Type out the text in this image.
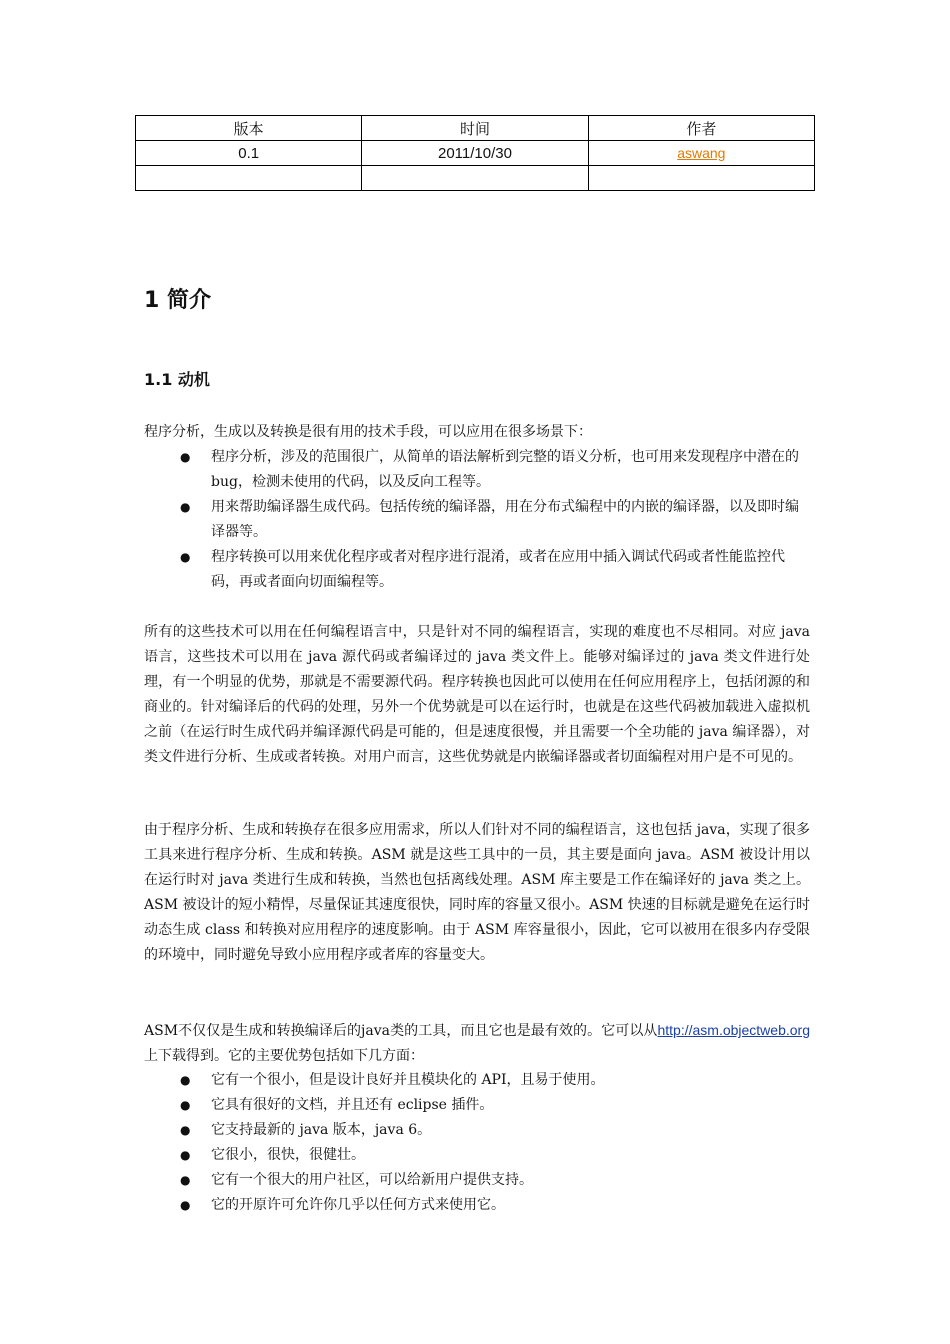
版本	时间	作者
0.1	2011/10/30	aswang

1 简介
1.1 动机

程序分析，生成以及转换是很有用的技术手段，可以应用在很多场景下：

● 程序分析，涉及的范围很广，从简单的语法解析到完整的语义分析，也可用来发现程序中潜在的 bug，检测未使用的代码，以及反向工程等。
● 用来帮助编译器生成代码。包括传统的编译器，用在分布式编程中的内嵌的编译器，以及即时编译器等。
● 程序转换可以用来优化程序或者对程序进行混淆，或者在应用中插入调试代码或者性能监控代码，再或者面向切面编程等。

所有的这些技术可以用在任何编程语言中，只是针对不同的编程语言，实现的难度也不尽相同。对应 java 语言，这些技术可以用在 java 源代码或者编译过的 java 类文件上。能够对编译过的 java 类文件进行处理，有一个明显的优势，那就是不需要源代码。程序转换也因此可以使用在任何应用程序上，包括闭源的和商业的。针对编译后的代码的处理，另外一个优势就是可以在运行时，也就是在这些代码被加载进入虚拟机之前（在运行时生成代码并编译源代码是可能的，但是速度很慢，并且需要一个全功能的 java 编译器），对类文件进行分析、生成或者转换。对用户而言，这些优势就是内嵌编译器或者切面编程对用户是不可见的。

由于程序分析、生成和转换存在很多应用需求，所以人们针对不同的编程语言，这也包括 java，实现了很多工具来进行程序分析、生成和转换。ASM 就是这些工具中的一员，其主要是面向 java。ASM 被设计用以在运行时对 java 类进行生成和转换，当然也包括离线处理。ASM 库主要是工作在编译好的 java 类之上。ASM 被设计的短小精悍，尽量保证其速度很快，同时库的容量又很小。ASM 快速的目标就是避免在运行时动态生成 class 和转换对应用程序的速度影响。由于 ASM 库容量很小，因此，它可以被用在很多内存受限的环境中，同时避免导致小应用程序或者库的容量变大。

ASM不仅仅是生成和转换编译后的java类的工具，而且它也是最有效的。它可以从http://asm.objectweb.org上下载得到。它的主要优势包括如下几方面：

● 它有一个很小，但是设计良好并且模块化的 API，且易于使用。
● 它具有很好的文档，并且还有 eclipse 插件。
● 它支持最新的 java 版本，java 6。
● 它很小，很快，很健壮。
● 它有一个很大的用户社区，可以给新用户提供支持。
● 它的开原许可允许你几乎以任何方式来使用它。
